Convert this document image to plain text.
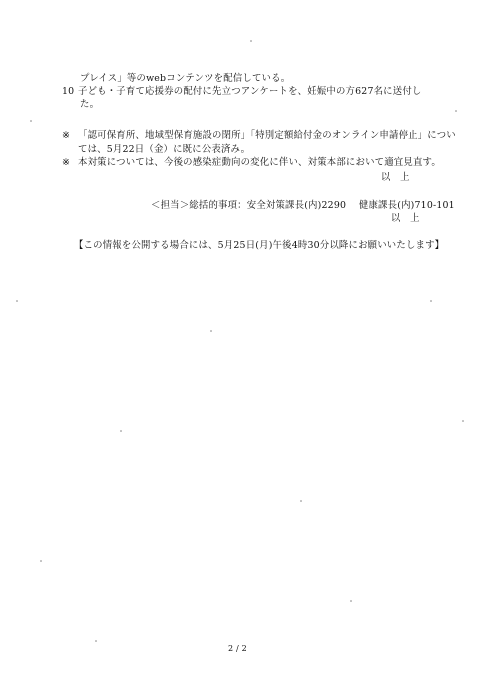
プレイス」等のwebコンテンツを配信している。
10 子ども・子育て応援券の配付に先立つアンケートを、妊娠中の方627名に送付し
た。
※ 「認可保育所、地域型保育施設の閉所」「特別定額給付金のオンライン申請停止」につい
ては、5月22日（金）に既に公表済み。
※ 本対策については、今後の感染症動向の変化に伴い、対策本部において適宜見直す。
以　上
＜担当＞総括的事項：安全対策課長(内)2290　 健康課長(内)710-101
以　上
【この情報を公開する場合には、5月25日(月)午後4時30分以降にお願いいたします】
2 / 2
